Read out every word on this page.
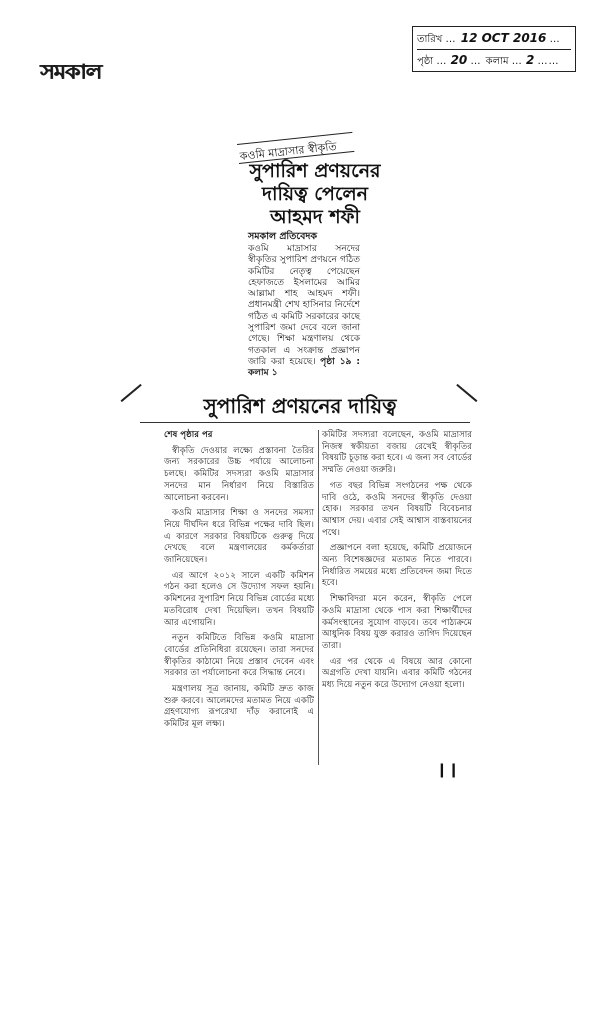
সমকাল
তারিখ … 12 OCT 2016 …
পৃষ্ঠা … 20 … কলাম … 2 ……
কওমি মাদ্রাসার স্বীকৃতি
সুপারিশ প্রণয়নের দায়িত্ব পেলেন আহমদ শফী
সমকাল প্রতিবেদক
কওমি মাদ্রাসার সনদের স্বীকৃতির সুপারিশ প্রণয়নে গঠিত কমিটির নেতৃত্ব পেয়েছেন হেফাজতে ইসলামের আমির আল্লামা শাহ আহমদ শফী। প্রধানমন্ত্রী শেখ হাসিনার নির্দেশে গঠিত এ কমিটি সরকারের কাছে সুপারিশ জমা দেবে বলে জানা গেছে। শিক্ষা মন্ত্রণালয় থেকে গতকাল এ সংক্রান্ত প্রজ্ঞাপন জারি করা হয়েছে। পৃষ্ঠা ১৯ : কলাম ১
সুপারিশ প্রণয়নের দায়িত্ব

শেষ পৃষ্ঠার পর

স্বীকৃতি দেওয়ার লক্ষ্যে প্রস্তাবনা তৈরির জন্য সরকারের উচ্চ পর্যায়ে আলোচনা চলছে। কমিটির সদস্যরা কওমি মাদ্রাসার সনদের মান নির্ধারণ নিয়ে বিস্তারিত আলোচনা করবেন।

কওমি মাদ্রাসার শিক্ষা ও সনদের সমস্যা নিয়ে দীর্ঘদিন ধরে বিভিন্ন পক্ষের দাবি ছিল। এ কারণে সরকার বিষয়টিকে গুরুত্ব দিয়ে দেখছে বলে মন্ত্রণালয়ের কর্মকর্তারা জানিয়েছেন।

এর আগে ২০১২ সালে একটি কমিশন গঠন করা হলেও সে উদ্যোগ সফল হয়নি। কমিশনের সুপারিশ নিয়ে বিভিন্ন বোর্ডের মধ্যে মতবিরোধ দেখা দিয়েছিল। তখন বিষয়টি আর এগোয়নি।

নতুন কমিটিতে বিভিন্ন কওমি মাদ্রাসা বোর্ডের প্রতিনিধিরা রয়েছেন। তারা সনদের স্বীকৃতির কাঠামো নিয়ে প্রস্তাব দেবেন এবং সরকার তা পর্যালোচনা করে সিদ্ধান্ত নেবে।

মন্ত্রণালয় সূত্র জানায়, কমিটি দ্রুত কাজ শুরু করবে। আলেমদের মতামত নিয়ে একটি গ্রহণযোগ্য রূপরেখা দাঁড় করানোই এ কমিটির মূল লক্ষ্য।

কমিটির সদস্যরা বলেছেন, কওমি মাদ্রাসার নিজস্ব স্বকীয়তা বজায় রেখেই স্বীকৃতির বিষয়টি চূড়ান্ত করা হবে। এ জন্য সব বোর্ডের সম্মতি নেওয়া জরুরি।

গত বছর বিভিন্ন সংগঠনের পক্ষ থেকে দাবি ওঠে, কওমি সনদের স্বীকৃতি দেওয়া হোক। সরকার তখন বিষয়টি বিবেচনার আশ্বাস দেয়। এবার সেই আশ্বাস বাস্তবায়নের পথে।

প্রজ্ঞাপনে বলা হয়েছে, কমিটি প্রয়োজনে অন্য বিশেষজ্ঞদের মতামত নিতে পারবে। নির্ধারিত সময়ের মধ্যে প্রতিবেদন জমা দিতে হবে।

শিক্ষাবিদরা মনে করেন, স্বীকৃতি পেলে কওমি মাদ্রাসা থেকে পাস করা শিক্ষার্থীদের কর্মসংস্থানের সুযোগ বাড়বে। তবে পাঠ্যক্রমে আধুনিক বিষয় যুক্ত করারও তাগিদ দিয়েছেন তারা।

এর পর থেকে এ বিষয়ে আর কোনো অগ্রগতি দেখা যায়নি। এবার কমিটি গঠনের মধ্য দিয়ে নতুন করে উদ্যোগ নেওয়া হলো।

❙❙
